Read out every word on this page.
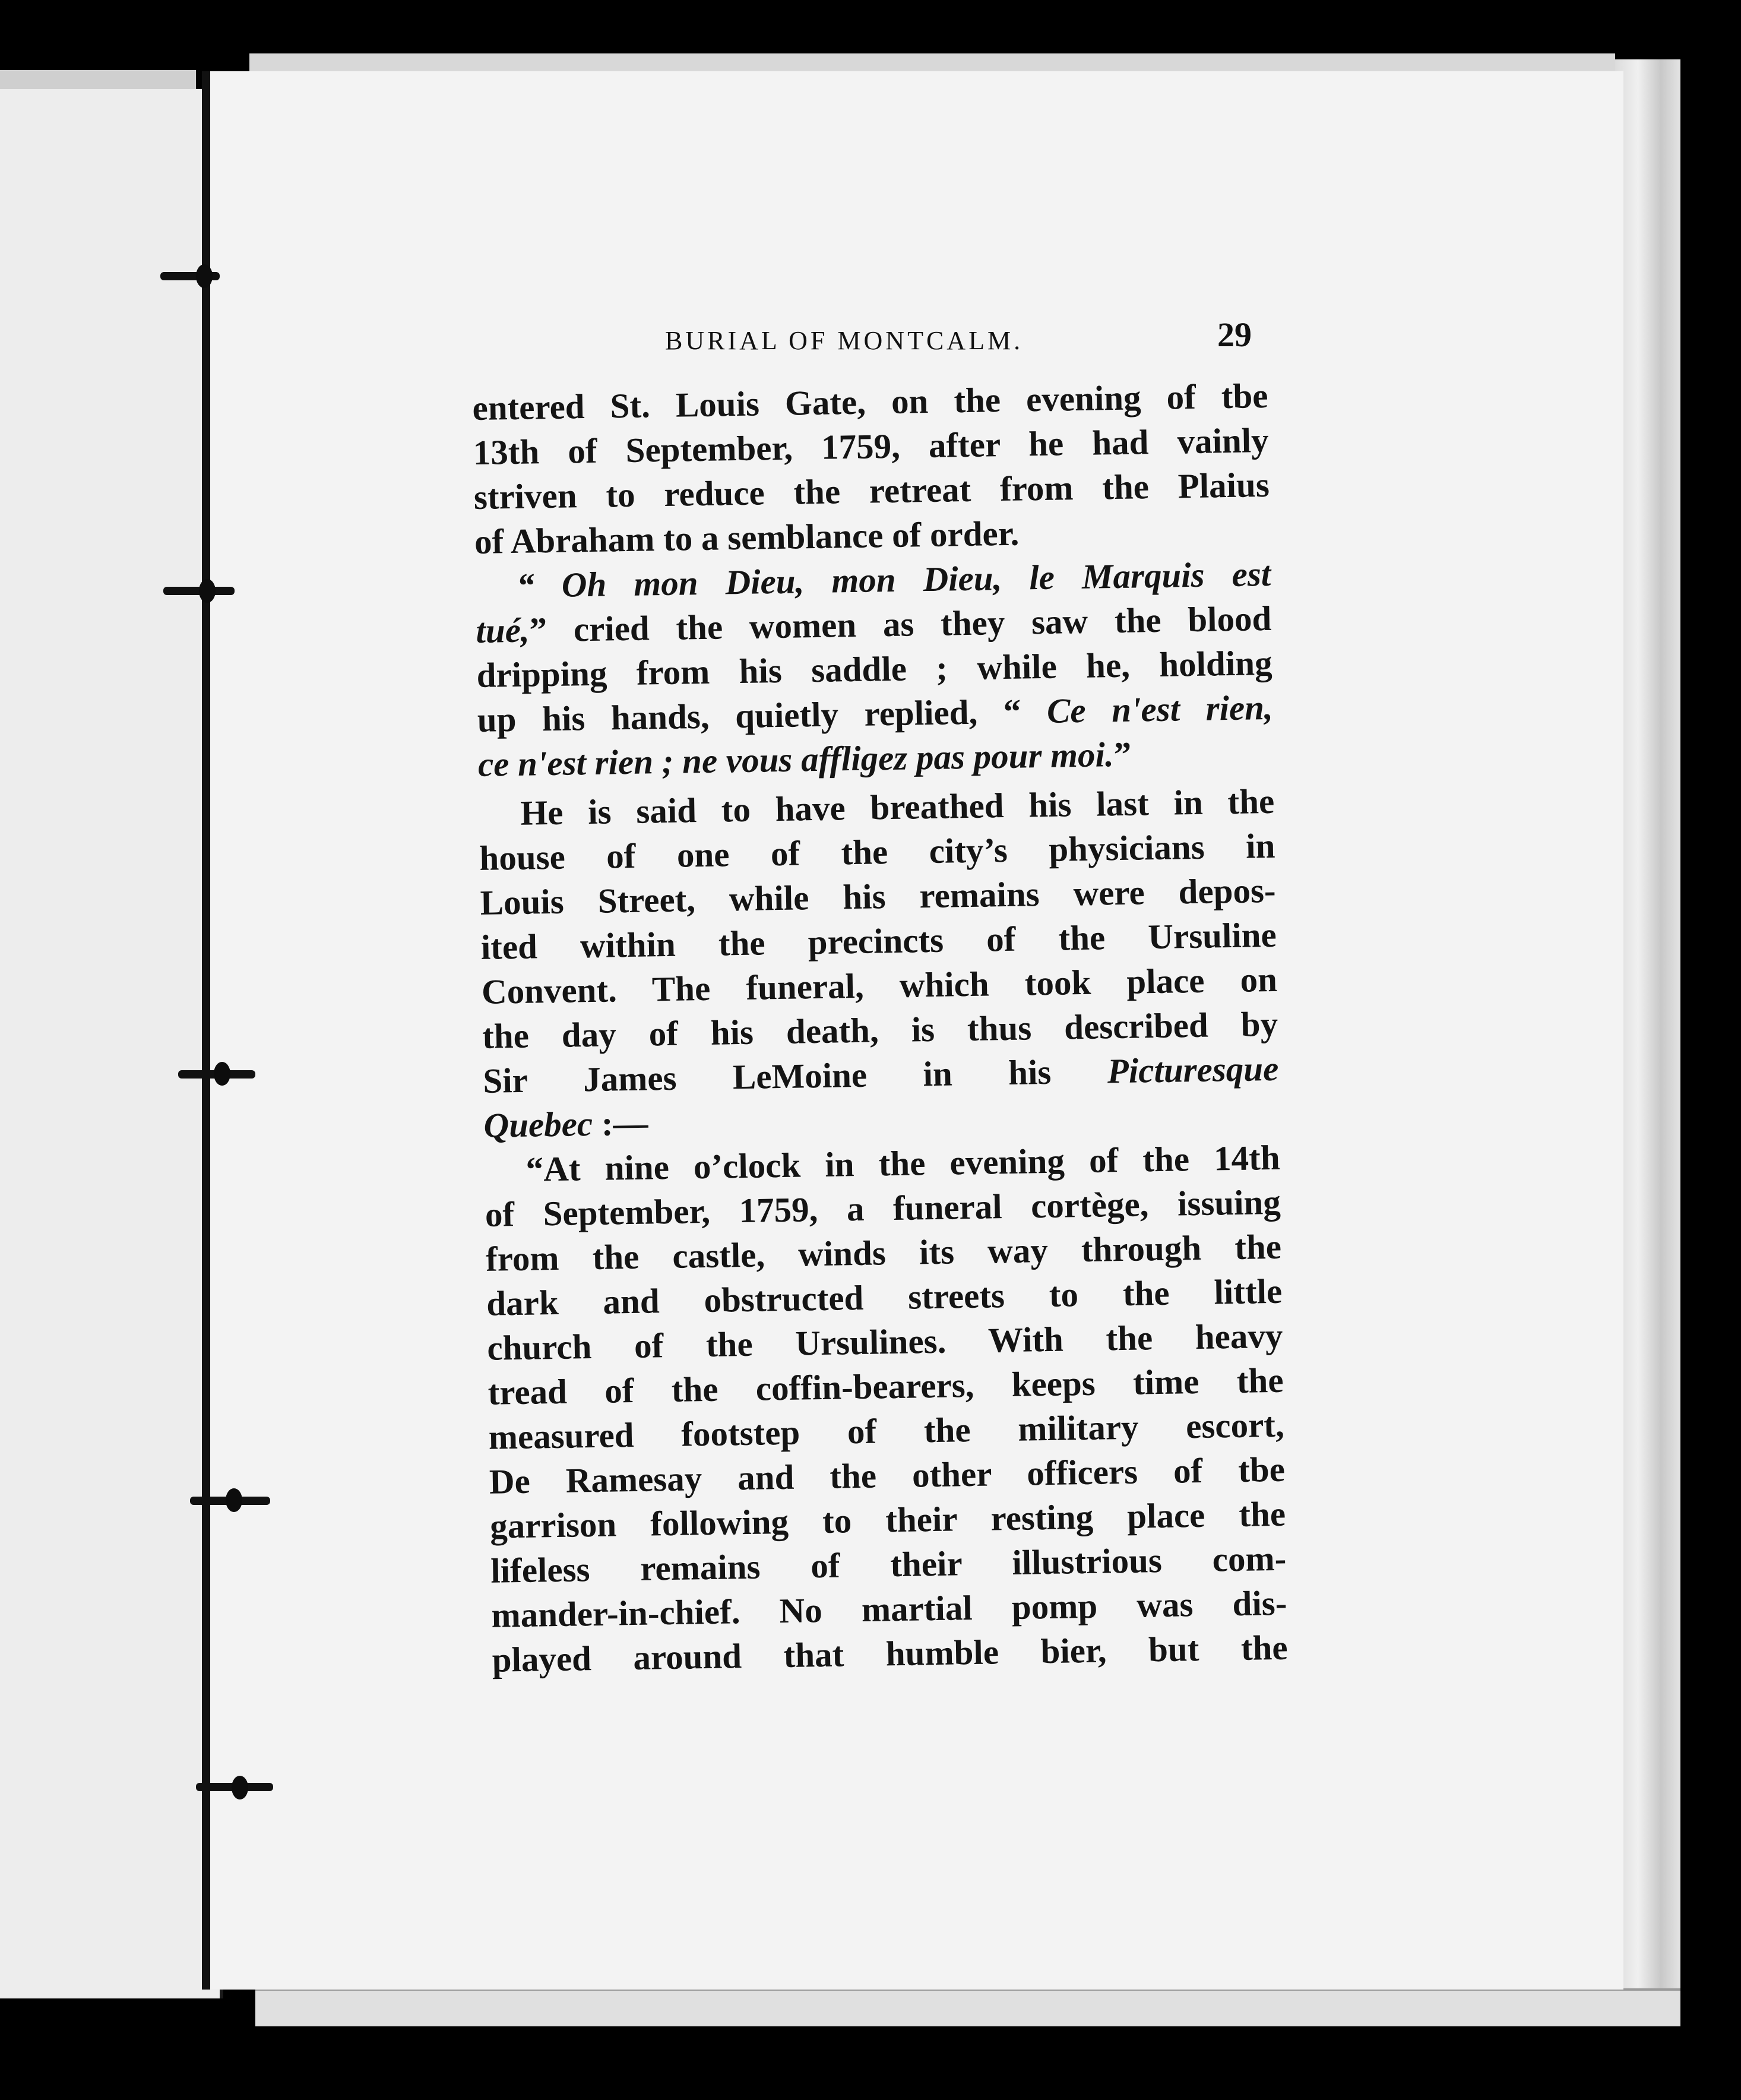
BURIAL OF MONTCALM.	29
entered St. Louis Gate, on the evening of tbe
13th of September, 1759, after he had vainly
striven to reduce the retreat from the Plaius
of Abraham to a semblance of order.
“ Oh mon Dieu, mon Dieu, le Marquis est
tué,” cried the women as they saw the blood
dripping from his saddle ; while he, holding
up his hands, quietly replied, “ Ce n'est rien,
ce n'est rien ; ne vous affligez pas pour moi.”
He is said to have breathed his last in the
house of one of the city’s physicians in
Louis Street, while his remains were depos-
ited within the precincts of the Ursuline
Convent. The funeral, which took place on
the day of his death, is thus described by
Sir James LeMoine in his Picturesque
Quebec :—
“At nine o’clock in the evening of the 14th
of September, 1759, a funeral cortège, issuing
from the castle, winds its way through the
dark and obstructed streets to the little
church of the Ursulines. With the heavy
tread of the coffin-bearers, keeps time the
measured footstep of the military escort,
De Ramesay and the other officers of tbe
garrison following to their resting place the
lifeless remains of their illustrious com-
mander-in-chief. No martial pomp was dis-
played around that humble bier, but the
